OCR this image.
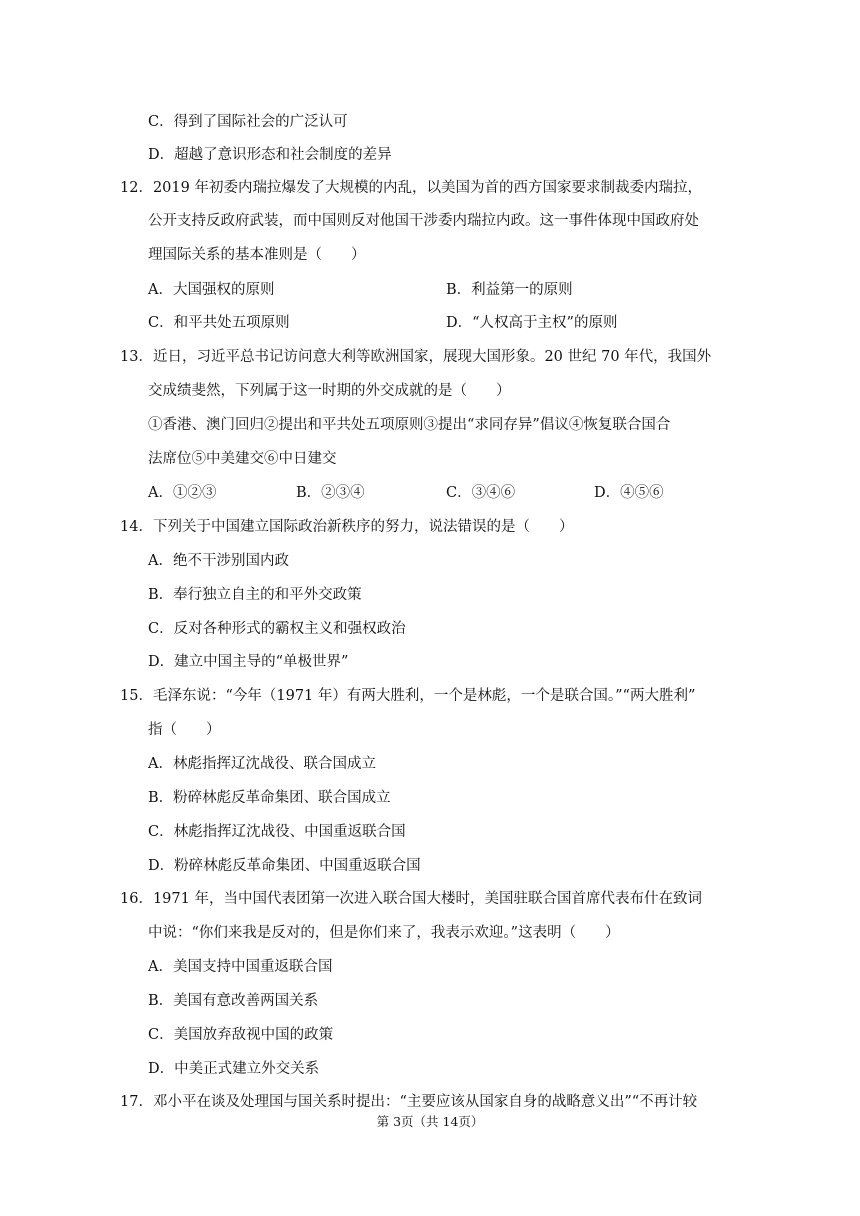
C．得到了国际社会的广泛认可
D．超越了意识形态和社会制度的差异
12．2019 年初委内瑞拉爆发了大规模的内乱，以美国为首的西方国家要求制裁委内瑞拉，
公开支持反政府武装，而中国则反对他国干涉委内瑞拉内政。这一事件体现中国政府处
理国际关系的基本准则是（　　）
A．大国强权的原则	B．利益第一的原则
C．和平共处五项原则	D．“人权高于主权”的原则
13．近日，习近平总书记访问意大利等欧洲国家，展现大国形象。20 世纪 70 年代，我国外
交成绩斐然，下列属于这一时期的外交成就的是（　　）
①香港、澳门回归②提出和平共处五项原则③提出“求同存异”倡议④恢复联合国合
法席位⑤中美建交⑥中日建交
A．①②③	B．②③④	C．③④⑥	D．④⑤⑥
14．下列关于中国建立国际政治新秩序的努力，说法错误的是（　　）
A．绝不干涉别国内政
B．奉行独立自主的和平外交政策
C．反对各种形式的霸权主义和强权政治
D．建立中国主导的“单极世界”
15．毛泽东说：“今年（1971 年）有两大胜利，一个是林彪，一个是联合国。”“两大胜利”
指（　　）
A．林彪指挥辽沈战役、联合国成立
B．粉碎林彪反革命集团、联合国成立
C．林彪指挥辽沈战役、中国重返联合国
D．粉碎林彪反革命集团、中国重返联合国
16．1971 年，当中国代表团第一次进入联合国大楼时，美国驻联合国首席代表布什在致词
中说：“你们来我是反对的，但是你们来了，我表示欢迎。”这表明（　　）
A．美国支持中国重返联合国
B．美国有意改善两国关系
C．美国放弃敌视中国的政策
D．中美正式建立外交关系
17．邓小平在谈及处理国与国关系时提出：“主要应该从国家自身的战略意义出”“不再计较
第 3页（共 14页）
